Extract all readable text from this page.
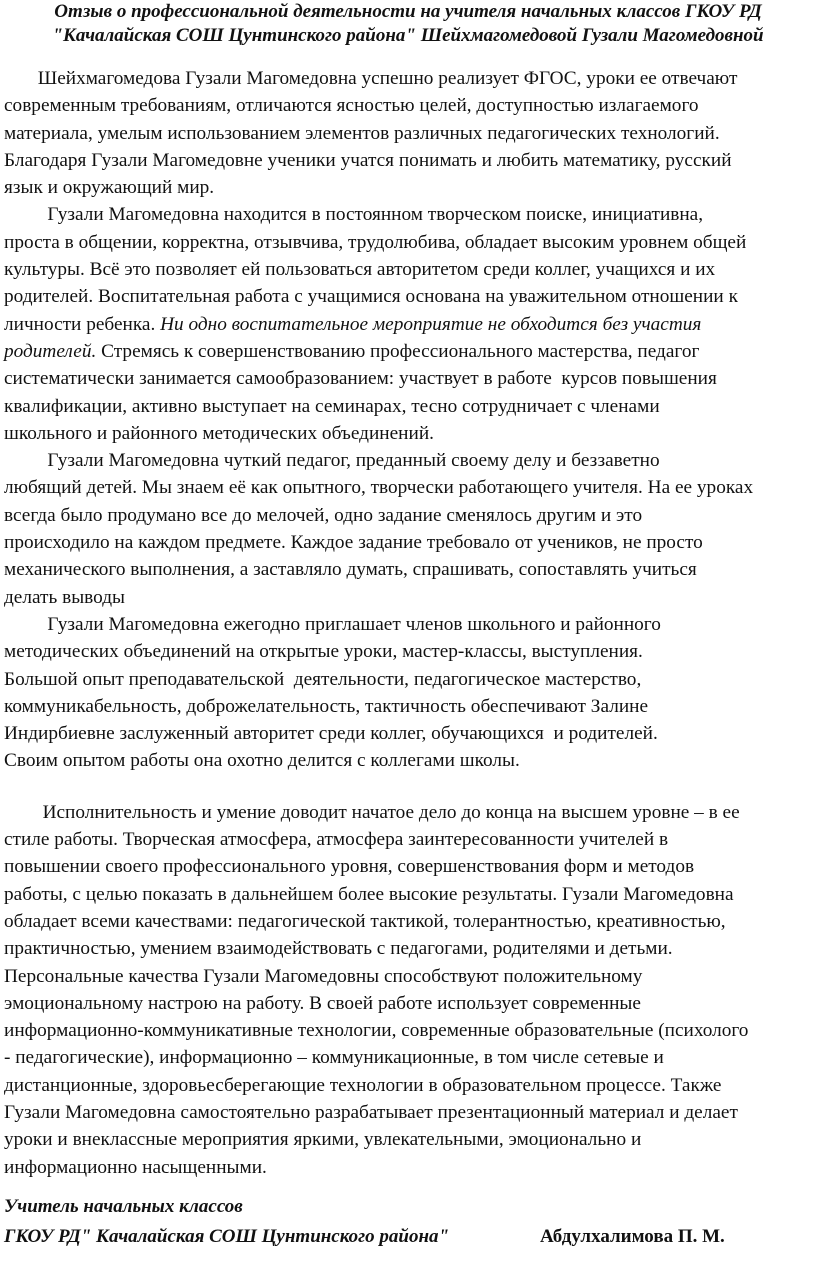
Отзыв о профессиональной деятельности на учителя начальных классов ГКОУ РД
"Качалайская СОШ Цунтинского района" Шейхмагомедовой Гузали Магомедовной
Шейхмагомедова Гузали Магомедовна успешно реализует ФГОС, уроки ее отвечают
современным требованиям, отличаются ясностью целей, доступностью излагаемого
материала, умелым использованием элементов различных педагогических технологий.
Благодаря Гузали Магомедовне ученики учатся понимать и любить математику, русский
язык и окружающий мир.
Гузали Магомедовна находится в постоянном творческом поиске, инициативна,
проста в общении, корректна, отзывчива, трудолюбива, обладает высоким уровнем общей
культуры. Всё это позволяет ей пользоваться авторитетом среди коллег, учащихся и их
родителей. Воспитательная работа с учащимися основана на уважительном отношении к
личности ребенка. Ни одно воспитательное мероприятие не обходится без участия
родителей. Стремясь к совершенствованию профессионального мастерства, педагог
систематически занимается самообразованием: участвует в работе  курсов повышения
квалификации, активно выступает на семинарах, тесно сотрудничает с членами
школьного и районного методических объединений.
Гузали Магомедовна чуткий педагог, преданный своему делу и беззаветно
любящий детей. Мы знаем её как опытного, творчески работающего учителя. На ее уроках
всегда было продумано все до мелочей, одно задание сменялось другим и это
происходило на каждом предмете. Каждое задание требовало от учеников, не просто
механического выполнения, а заставляло думать, спрашивать, сопоставлять учиться
делать выводы
Гузали Магомедовна ежегодно приглашает членов школьного и районного
методических объединений на открытые уроки, мастер-классы, выступления.
Большой опыт преподавательской  деятельности, педагогическое мастерство,
коммуникабельность, доброжелательность, тактичность обеспечивают Залине
Индирбиевне заслуженный авторитет среди коллег, обучающихся  и родителей.
Своим опытом работы она охотно делится с коллегами школы.
Исполнительность и умение доводит начатое дело до конца на высшем уровне – в ее
стиле работы. Творческая атмосфера, атмосфера заинтересованности учителей в
повышении своего профессионального уровня, совершенствования форм и методов
работы, с целью показать в дальнейшем более высокие результаты. Гузали Магомедовна
обладает всеми качествами: педагогической тактикой, толерантностью, креативностью,
практичностью, умением взаимодействовать с педагогами, родителями и детьми.
Персональные качества Гузали Магомедовны способствуют положительному
эмоциональному настрою на работу. В своей работе использует современные
информационно-коммуникативные технологии, современные образовательные (психолого
- педагогические), информационно – коммуникационные, в том числе сетевые и
дистанционные, здоровьесберегающие технологии в образовательном процессе. Также
Гузали Магомедовна самостоятельно разрабатывает презентационный материал и делает
уроки и внеклассные мероприятия яркими, увлекательными, эмоционально и
информационно насыщенными.
Учитель начальных классов
ГКОУ РД" Качалайская СОШ Цунтинского района"	Абдулхалимова П. М.
